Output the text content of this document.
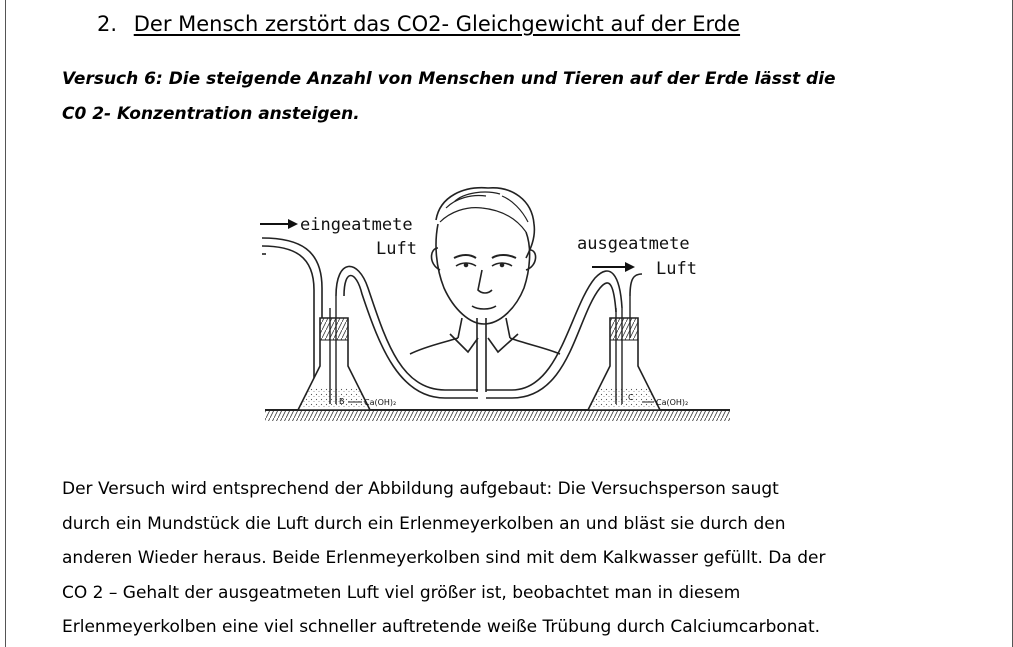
2. Der Mensch zerstört das CO2- Gleichgewicht auf der Erde
Versuch 6: Die steigende Anzahl von Menschen und Tieren auf der Erde lässt die
C0 2- Konzentration ansteigen.
eingeatmete
Luft	ausgeatmete
Luft
B Ca(OH)₂
C
Ca(OH)₂
Der Versuch wird entsprechend der Abbildung aufgebaut: Die Versuchsperson saugt
durch ein Mundstück die Luft durch ein Erlenmeyerkolben an und bläst sie durch den
anderen Wieder heraus. Beide Erlenmeyerkolben sind mit dem Kalkwasser gefüllt. Da der
CO 2 – Gehalt der ausgeatmeten Luft viel größer ist, beobachtet man in diesem
Erlenmeyerkolben eine viel schneller auftretende weiße Trübung durch Calciumcarbonat.
